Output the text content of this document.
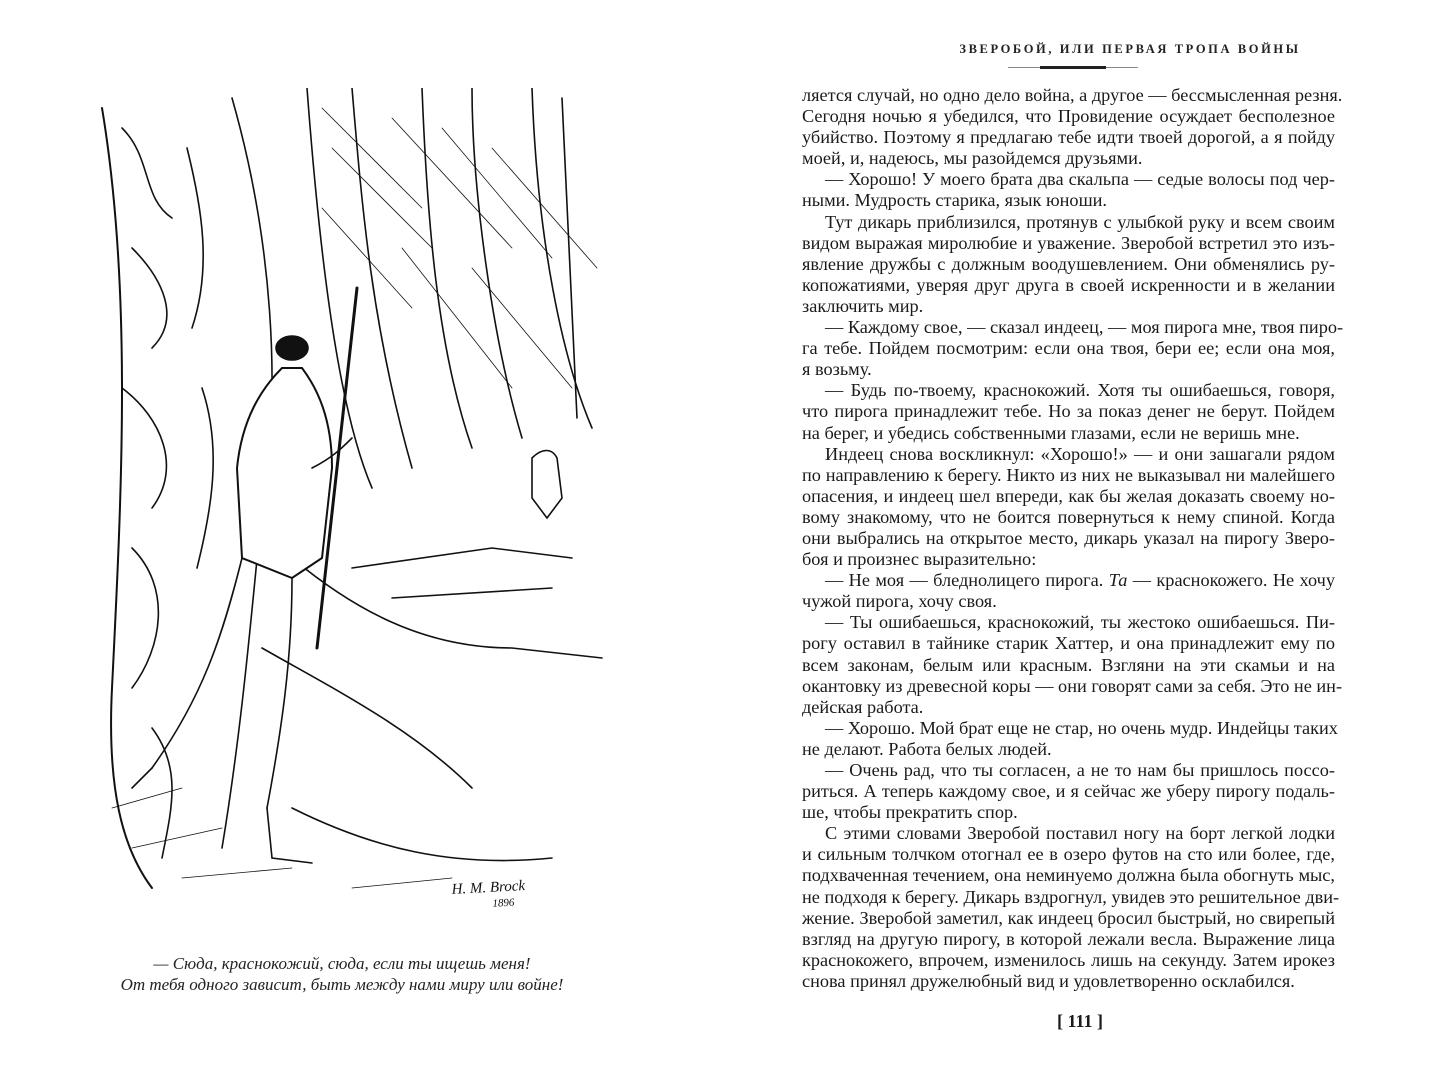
H. M. Brock
1896
— Сюда, краснокожий, сюда, если ты ищешь меня!
От тебя одного зависит, быть между нами миру или войне!
ЗВЕРОБОЙ, ИЛИ ПЕРВАЯ ТРОПА ВОЙНЫ
ляется случай, но одно дело война, а другое — бессмысленная резня.
Сегодня ночью я убедился, что Провидение осуждает бесполезное
убийство. Поэтому я предлагаю тебе идти твоей дорогой, а я пойду
моей, и, надеюсь, мы разойдемся друзьями.
— Хорошо! У моего брата два скальпа — седые волосы под чер-
ными. Мудрость старика, язык юноши.
Тут дикарь приблизился, протянув с улыбкой руку и всем своим
видом выражая миролюбие и уважение. Зверобой встретил это изъ-
явление дружбы с должным воодушевлением. Они обменялись ру-
копожатиями, уверяя друг друга в своей искренности и в желании
заключить мир.
— Каждому свое, — сказал индеец, — моя пирога мне, твоя пиро-
га тебе. Пойдем посмотрим: если она твоя, бери ее; если она моя,
я возьму.
— Будь по-твоему, краснокожий. Хотя ты ошибаешься, говоря,
что пирога принадлежит тебе. Но за показ денег не берут. Пойдем
на берег, и убедись собственными глазами, если не веришь мне.
Индеец снова воскликнул: «Хорошо!» — и они зашагали рядом
по направлению к берегу. Никто из них не выказывал ни малейшего
опасения, и индеец шел впереди, как бы желая доказать своему но-
вому знакомому, что не боится повернуться к нему спиной. Когда
они выбрались на открытое место, дикарь указал на пирогу Зверо-
боя и произнес выразительно:
— Не моя — бледнолицего пирога. Та — краснокожего. Не хочу
чужой пирога, хочу своя.
— Ты ошибаешься, краснокожий, ты жестоко ошибаешься. Пи-
рогу оставил в тайнике старик Хаттер, и она принадлежит ему по
всем законам, белым или красным. Взгляни на эти скамьи и на
окантовку из древесной коры — они говорят сами за себя. Это не ин-
дейская работа.
— Хорошо. Мой брат еще не стар, но очень мудр. Индейцы таких
не делают. Работа белых людей.
— Очень рад, что ты согласен, а не то нам бы пришлось поссо-
риться. А теперь каждому свое, и я сейчас же уберу пирогу подаль-
ше, чтобы прекратить спор.
С этими словами Зверобой поставил ногу на борт легкой лодки
и сильным толчком отогнал ее в озеро футов на сто или более, где,
подхваченная течением, она неминуемо должна была обогнуть мыс,
не подходя к берегу. Дикарь вздрогнул, увидев это решительное дви-
жение. Зверобой заметил, как индеец бросил быстрый, но свирепый
взгляд на другую пирогу, в которой лежали весла. Выражение лица
краснокожего, впрочем, изменилось лишь на секунду. Затем ирокез
снова принял дружелюбный вид и удовлетворенно осклабился.
[ 111 ]
